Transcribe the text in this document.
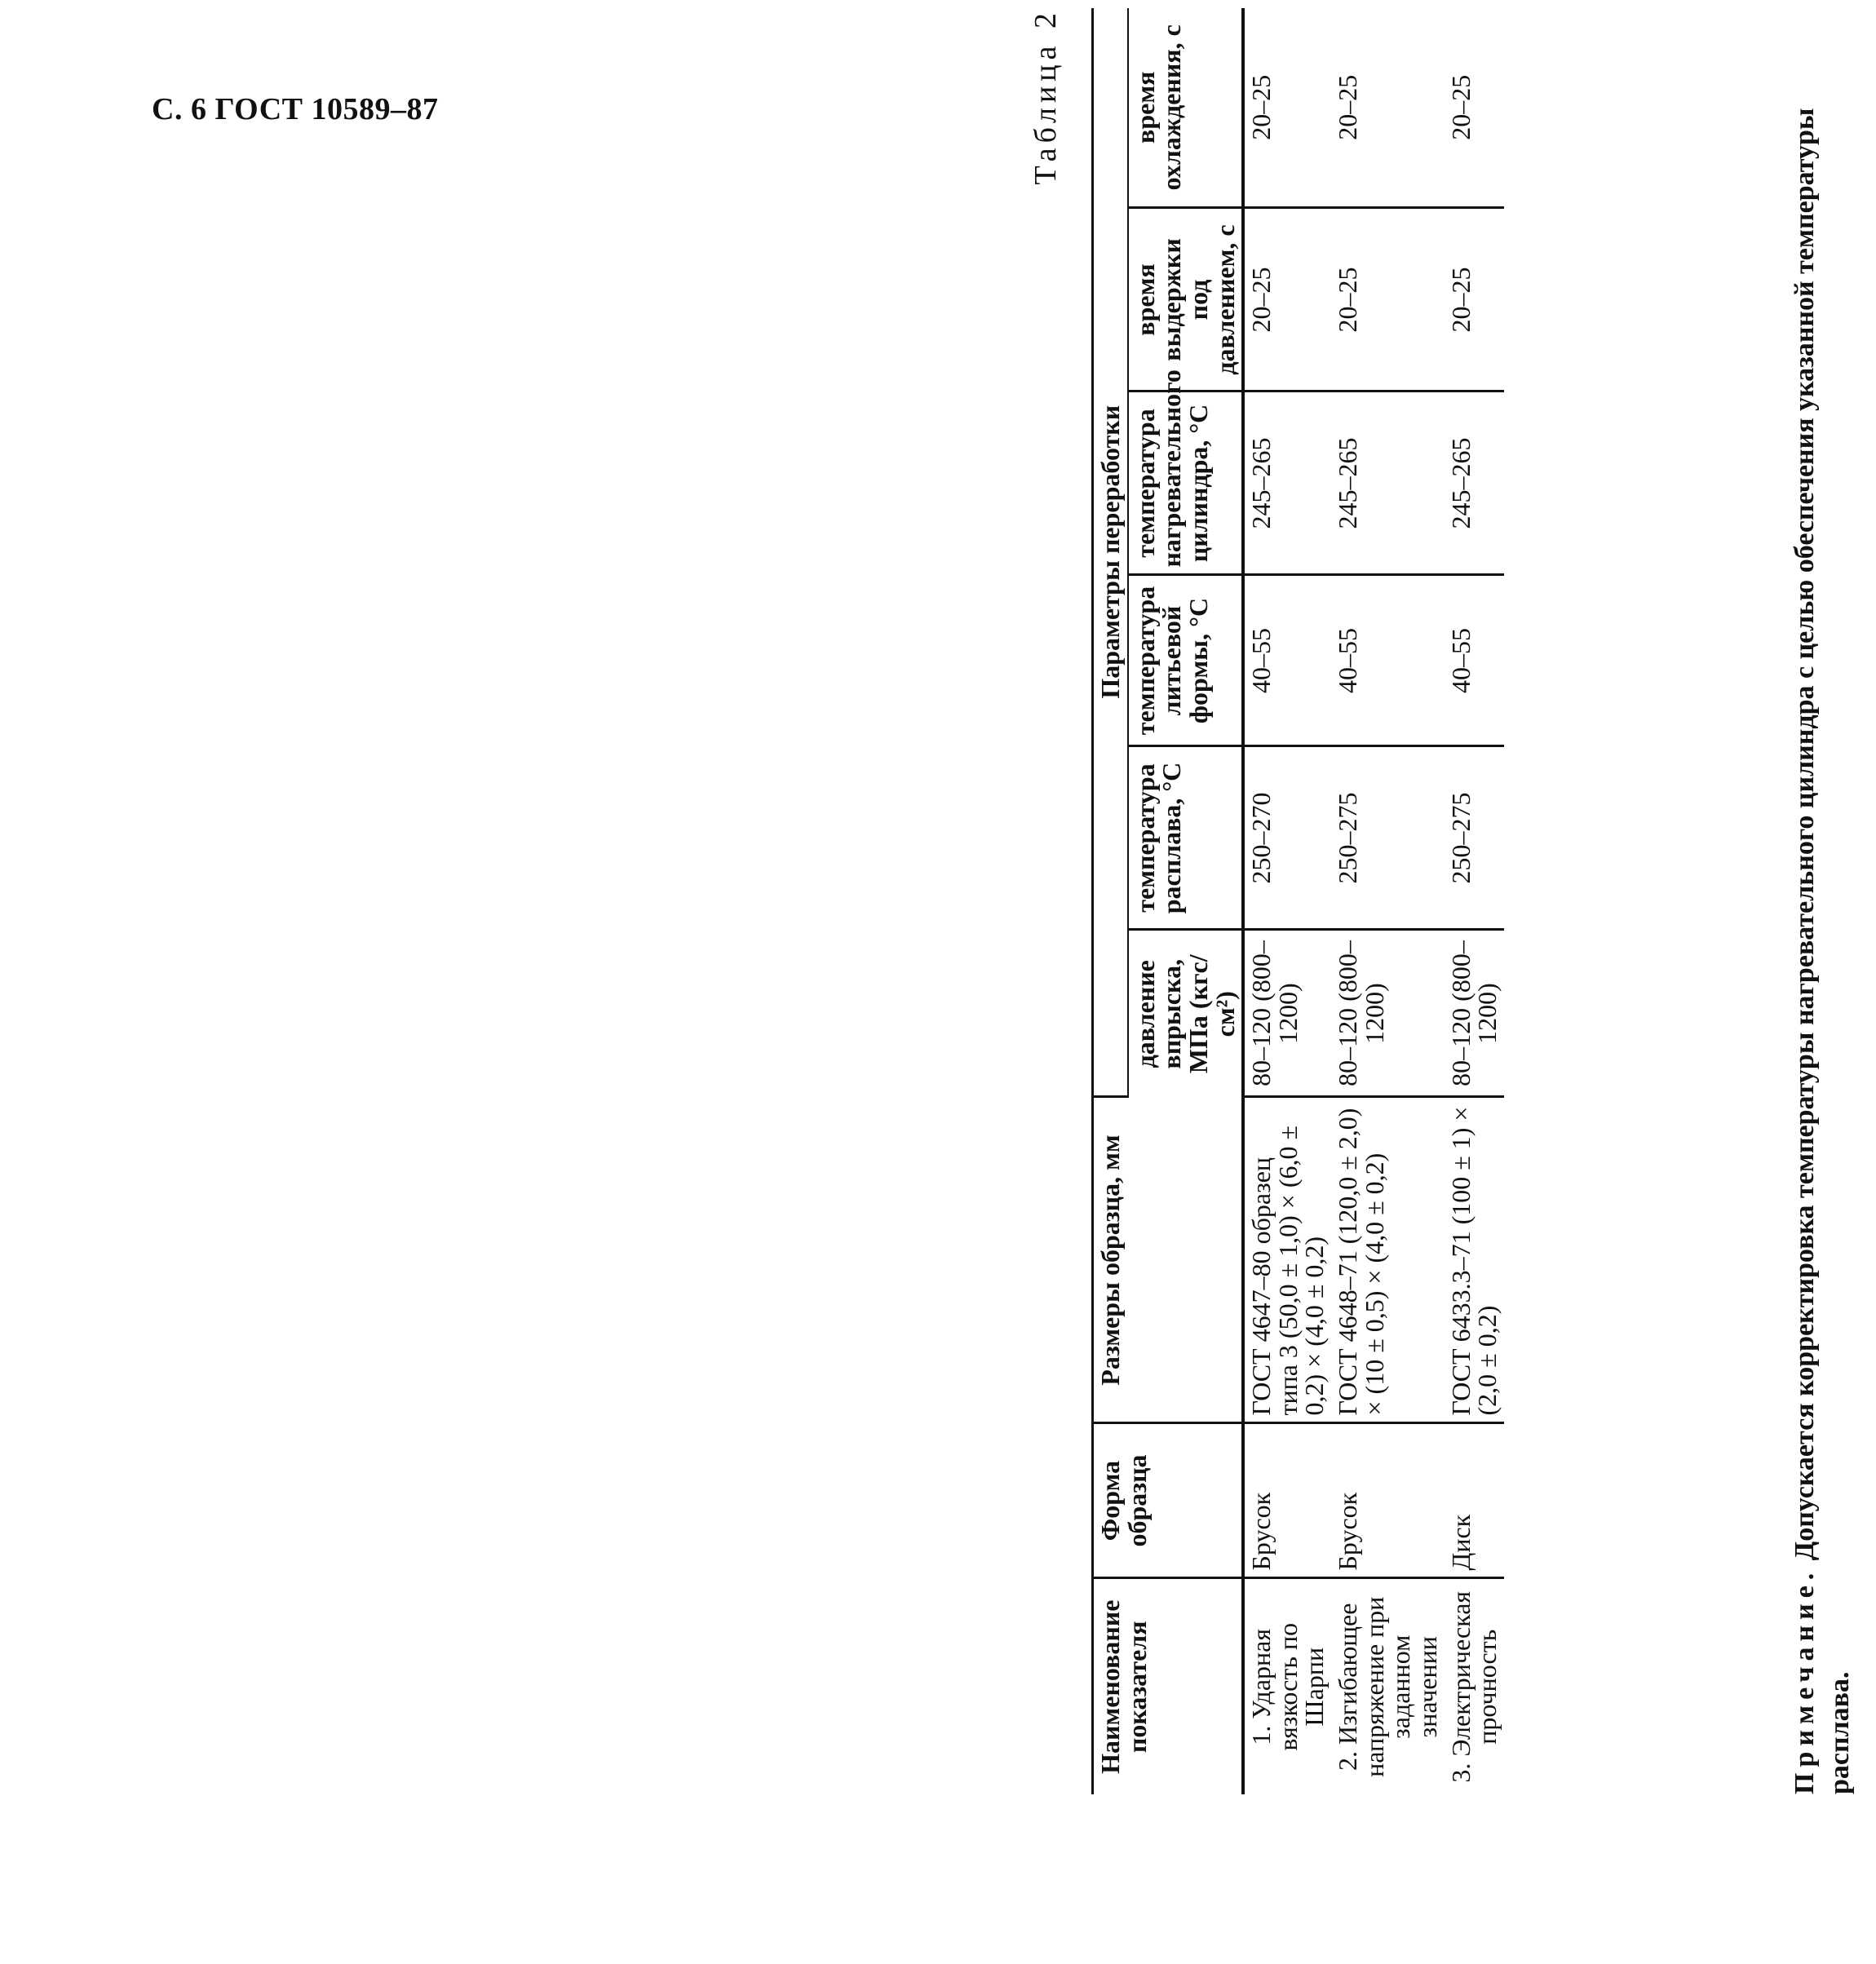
С. 6 ГОСТ 10589–87	Таблица 2
Наименование показателя	Форма образца	Размеры образца, мм	Параметры переработки					
			давление впрыска, МПа (кгс/см²)	температура расплава, °С	температура литьевой формы, °С	температура нагревательного цилиндра, °С	время выдержки под давлением, с	время охлаждения, с
1. Ударная вязкость по Шарпи	Брусок	ГОСТ 4647–80 образец типа 3 (50,0 ± 1,0) × (6,0 ± 0,2) × (4,0 ± 0,2)	80–120 (800–1200)	250–270	40–55	245–265	20–25	20–25
2. Изгибающее напряжение при заданном значении	Брусок	ГОСТ 4648–71 (120,0 ± 2,0) × (10 ± 0,5) × (4,0 ± 0,2)	80–120 (800–1200)	250–275	40–55	245–265	20–25	20–25
3. Электрическая прочность	Диск	ГОСТ 6433.3–71 (100 ± 1) × (2,0 ± 0,2)	80–120 (800–1200)	250–275	40–55	245–265	20–25	20–25
Примечание. Допускается корректировка температуры нагревательного цилиндра с целью обеспечения указанной температуры расплава.
